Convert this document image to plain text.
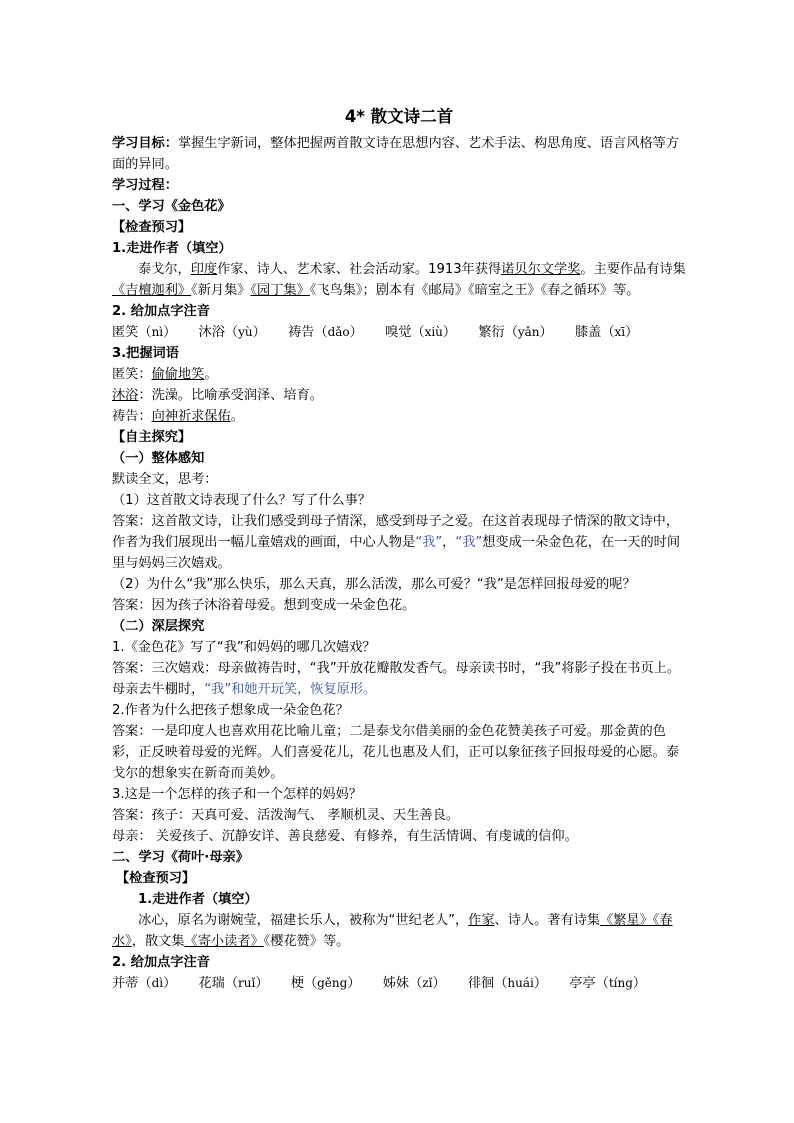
4* 散文诗二首

学习目标：掌握生字新词，整体把握两首散文诗在思想内容、艺术手法、构思角度、语言风格等方面的异同。

学习过程：

一、学习《金色花》

【检查预习】

1.走进作者（填空）

泰戈尔，印度作家、诗人、艺术家、社会活动家。1913年获得诺贝尔文学奖。主要作品有诗集《吉檀迦利》《新月集》《园丁集》《飞鸟集》；剧本有《邮局》《暗室之王》《春之循环》等。

2. 给加点字注音

匿笑（nì） 沐浴（yù） 祷告（dǎo） 嗅觉（xiù） 繁衍（yǎn） 膝盖（xī）

3.把握词语

匿笑：偷偷地笑。

沐浴：洗澡。比喻承受润泽、培育。

祷告：向神祈求保佑。

【自主探究】

（一）整体感知

默读全文，思考：

（1）这首散文诗表现了什么？写了什么事？

答案：这首散文诗，让我们感受到母子情深，感受到母子之爱。在这首表现母子情深的散文诗中，作者为我们展现出一幅儿童嬉戏的画面，中心人物是“我”，“我”想变成一朵金色花，在一天的时间里与妈妈三次嬉戏。

（2）为什么“我”那么快乐，那么天真，那么活泼，那么可爱？“我”是怎样回报母爱的呢？

答案：因为孩子沐浴着母爱。想到变成一朵金色花。

（二）深层探究

1.《金色花》写了“我”和妈妈的哪几次嬉戏？

答案：三次嬉戏：母亲做祷告时，“我”开放花瓣散发香气。母亲读书时，“我”将影子投在书页上。母亲去牛棚时，“我”和她开玩笑，恢复原形。

2.作者为什么把孩子想象成一朵金色花？

答案：一是印度人也喜欢用花比喻儿童；二是泰戈尔借美丽的金色花赞美孩子可爱。那金黄的色彩，正反映着母爱的光辉。人们喜爱花儿，花儿也惠及人们，正可以象征孩子回报母爱的心愿。泰戈尔的想象实在新奇而美妙。

3.这是一个怎样的孩子和一个怎样的妈妈？

答案：孩子：天真可爱、活泼淘气、 孝顺机灵、天生善良。

母亲： 关爱孩子、沉静安详、善良慈爱、有修养，有生活情调、有虔诚的信仰。

二、学习《荷叶·母亲》

【检查预习】

1.走进作者（填空）

冰心，原名为谢婉莹，福建长乐人，被称为“世纪老人”，作家、诗人。著有诗集《繁星》《春水》，散文集《寄小读者》《樱花赞》等。

2. 给加点字注音

并蒂（dì） 花瑞（ruǐ） 梗（gěng） 姊妹（zǐ） 徘徊（huái） 亭亭（tíng）
